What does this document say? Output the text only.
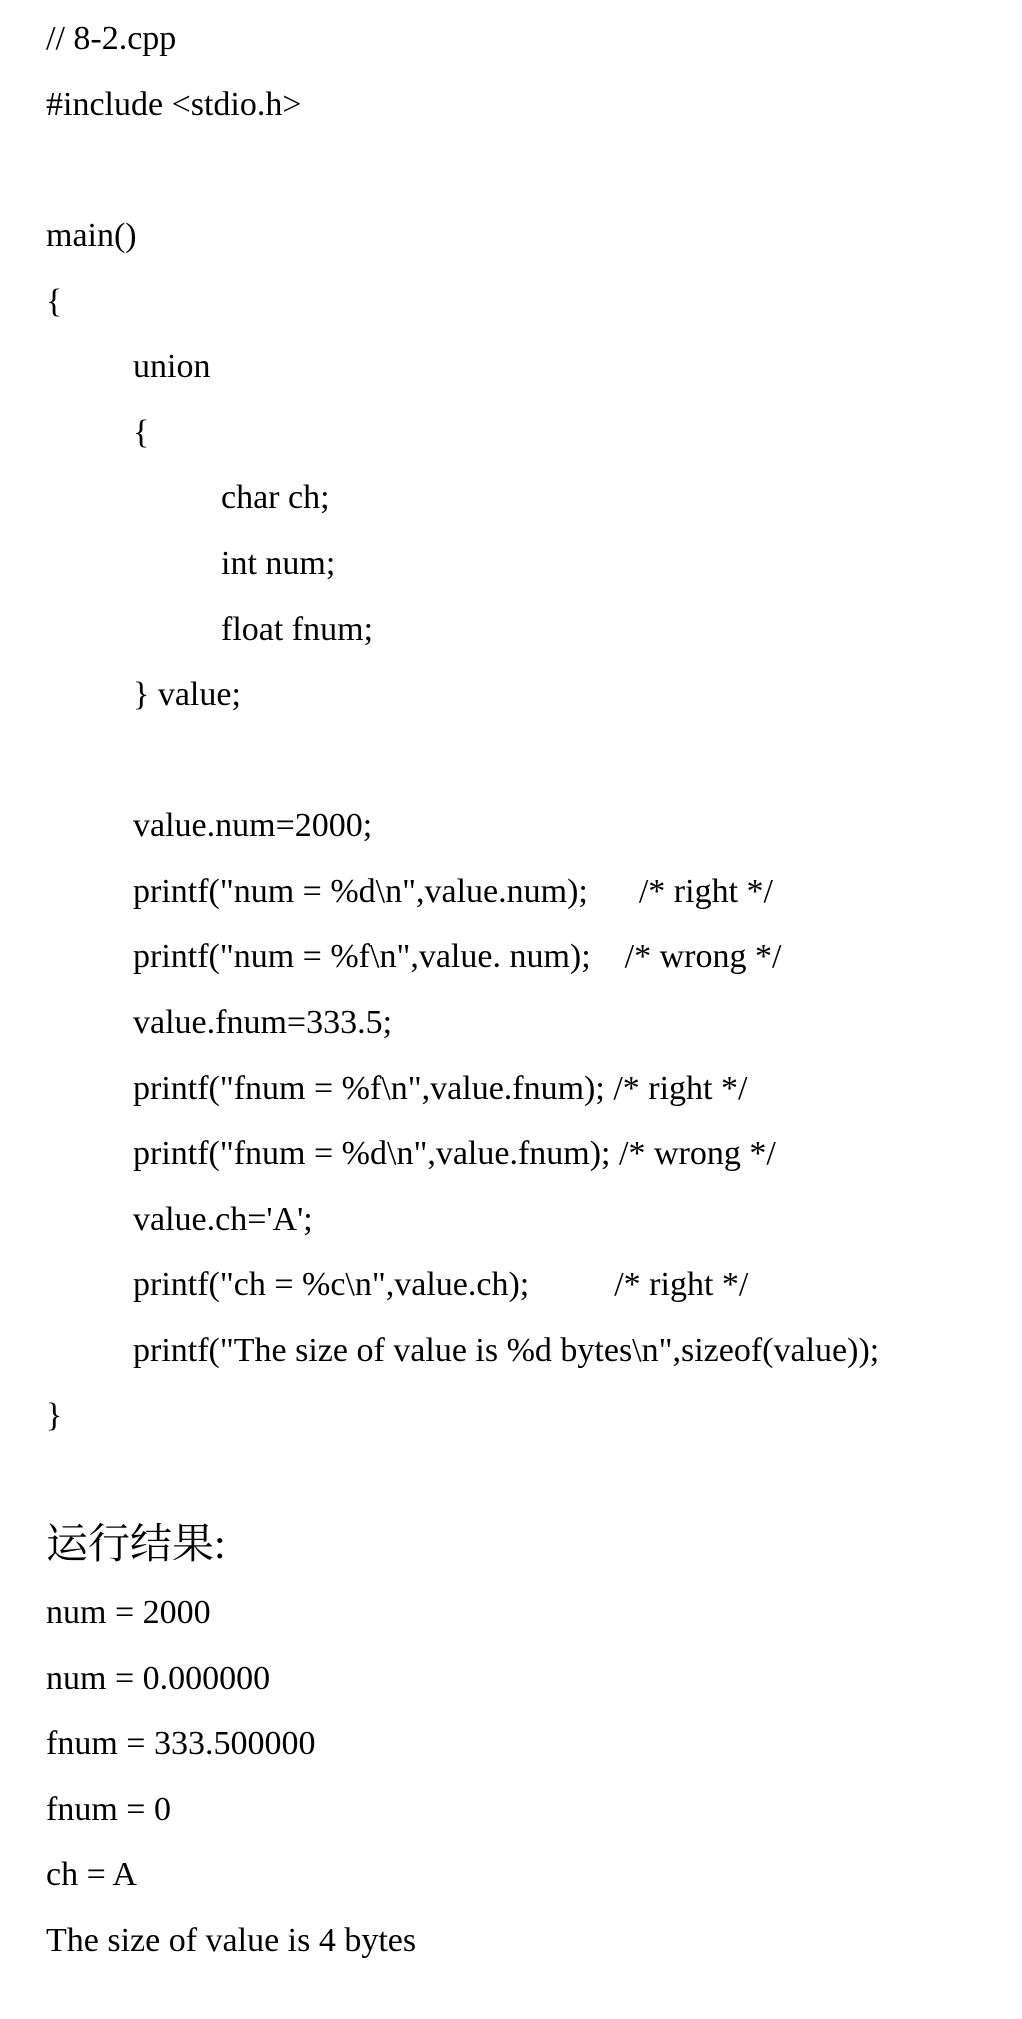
// 8-2.cpp
#include <stdio.h>
main()
{
union
{
char ch;
int num;
float fnum;
} value;
value.num=2000;
printf("num = %d\n",value.num);      /* right */
printf("num = %f\n",value. num);    /* wrong */
value.fnum=333.5;
printf("fnum = %f\n",value.fnum); /* right */
printf("fnum = %d\n",value.fnum); /* wrong */
value.ch='A';
printf("ch = %c\n",value.ch);          /* right */
printf("The size of value is %d bytes\n",sizeof(value));
}
运行结果:
num = 2000
num = 0.000000
fnum = 333.500000
fnum = 0
ch = A
The size of value is 4 bytes
